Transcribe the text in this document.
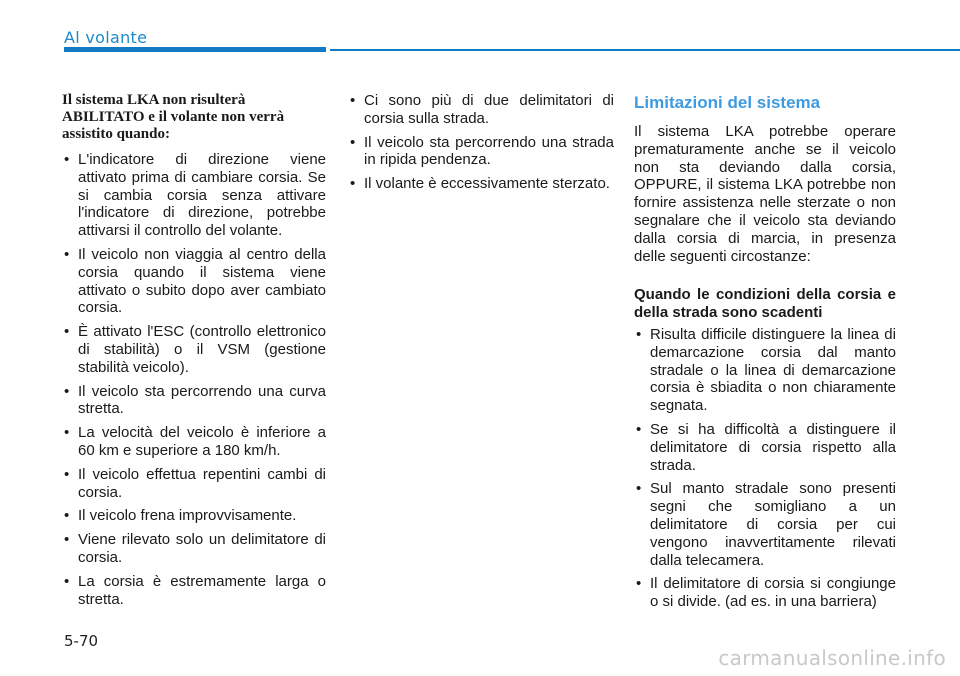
Al volante
Il sistema LKA non risulterà ABILITATO e il volante non verrà assistito quando:
• L'indicatore di direzione viene attivato prima di cambiare corsia. Se si cambia corsia senza attivare l'indicatore di direzione, potrebbe attivarsi il controllo del volante.
• Il veicolo non viaggia al centro della corsia quando il sistema viene attivato o subito dopo aver cambiato corsia.
• È attivato l'ESC (controllo elettronico di stabilità) o il VSM (gestione stabilità veicolo).
• Il veicolo sta percorrendo una curva stretta.
• La velocità del veicolo è inferiore a 60 km e superiore a 180 km/h.
• Il veicolo effettua repentini cambi di corsia.
• Il veicolo frena improvvisamente.
• Viene rilevato solo un delimitatore di corsia.
• La corsia è estremamente larga o stretta.
• Ci sono più di due delimitatori di corsia sulla strada.
• Il veicolo sta percorrendo una strada in ripida pendenza.
• Il volante è eccessivamente sterzato.
Limitazioni del sistema
Il sistema LKA potrebbe operare prematuramente anche se il veicolo non sta deviando dalla corsia, OPPURE, il sistema LKA potrebbe non fornire assistenza nelle sterzate o non segnalare che il veicolo sta deviando dalla corsia di marcia, in presenza delle seguenti circostanze:
Quando le condizioni della corsia e della strada sono scadenti
• Risulta difficile distinguere la linea di demarcazione corsia dal manto stradale o la linea di demarcazione corsia è sbiadita o non chiaramente segnata.
• Se si ha difficoltà a distinguere il delimitatore di corsia rispetto alla strada.
• Sul manto stradale sono presenti segni che somigliano a un delimitatore di corsia per cui vengono inavvertitamente rilevati dalla telecamera.
• Il delimitatore di corsia si congiunge o si divide. (ad es. in una barriera)
5-70
carmanualsonline.info
